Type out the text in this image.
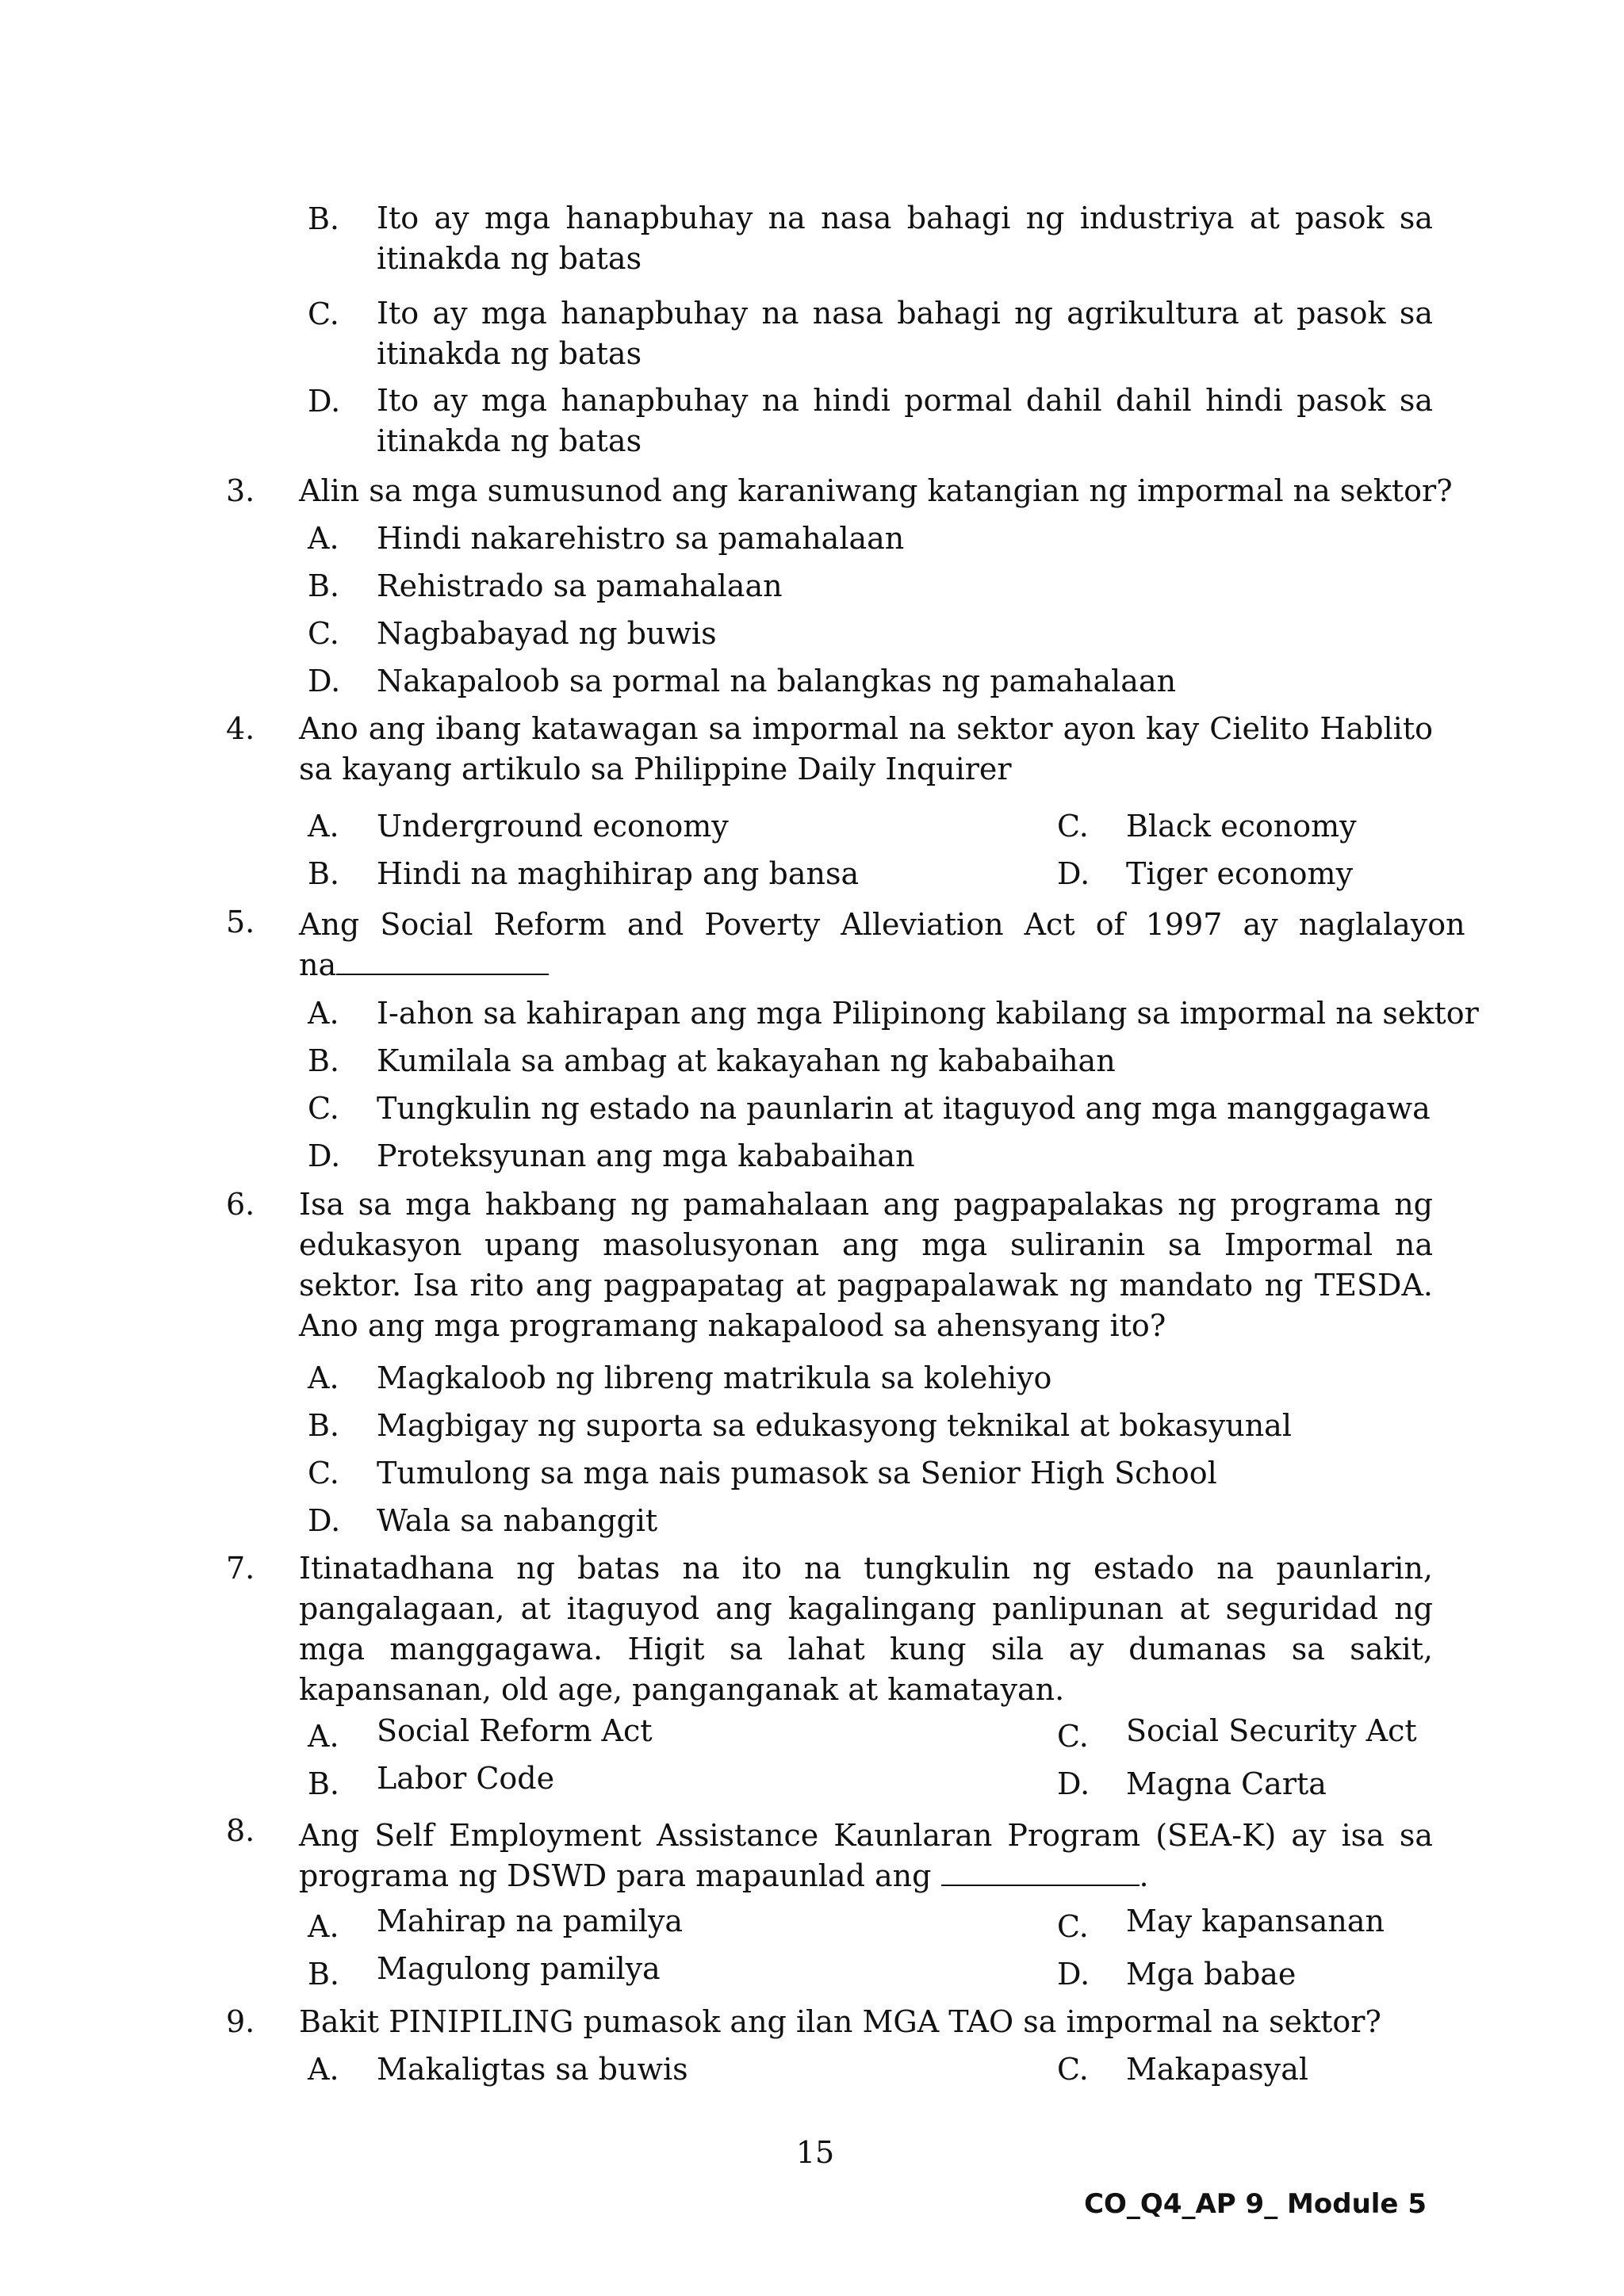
B. Ito ay mga hanapbuhay na nasa bahagi ng industriya at pasok sa itinakda ng batas
C. Ito ay mga hanapbuhay na nasa bahagi ng agrikultura at pasok sa itinakda ng batas
D. Ito ay mga hanapbuhay na hindi pormal dahil dahil hindi pasok sa itinakda ng batas
3. Alin sa mga sumusunod ang karaniwang katangian ng impormal na sektor?
A. Hindi nakarehistro sa pamahalaan
B. Rehistrado sa pamahalaan
C. Nagbabayad ng buwis
D. Nakapaloob sa pormal na balangkas ng pamahalaan
4. Ano ang ibang katawagan sa impormal na sektor ayon kay Cielito Hablito sa kayang artikulo sa Philippine Daily Inquirer
A. Underground economy	C. Black economy
B. Hindi na maghihirap ang bansa	D. Tiger economy
5. Ang Social Reform and Poverty Alleviation Act of 1997 ay naglalayon
na
A. I-ahon sa kahirapan ang mga Pilipinong kabilang sa impormal na sektor
B. Kumilala sa ambag at kakayahan ng kababaihan
C. Tungkulin ng estado na paunlarin at itaguyod ang mga manggagawa
D. Proteksyunan ang mga kababaihan
6. Isa sa mga hakbang ng pamahalaan ang pagpapalakas ng programa ng edukasyon upang masolusyonan ang mga suliranin sa Impormal na sektor. Isa rito ang pagpapatag at pagpapalawak ng mandato ng TESDA. Ano ang mga programang nakapalood sa ahensyang ito?
A. Magkaloob ng libreng matrikula sa kolehiyo
B. Magbigay ng suporta sa edukasyong teknikal at bokasyunal
C. Tumulong sa mga nais pumasok sa Senior High School
D. Wala sa nabanggit
7. Itinatadhana ng batas na ito na tungkulin ng estado na paunlarin, pangalagaan, at itaguyod ang kagalingang panlipunan at seguridad ng mga manggagawa. Higit sa lahat kung sila ay dumanas sa sakit, kapansanan, old age, panganganak at kamatayan.
A. Social Reform Act	C. Social Security Act
B. Labor Code	D. Magna Carta
8. Ang Self Employment Assistance Kaunlaran Program (SEA-K) ay isa sa
programa ng DSWD para mapaunlad ang	.
A. Mahirap na pamilya	C. May kapansanan
B. Magulong pamilya	D. Mga babae
9. Bakit PINIPILING pumasok ang ilan MGA TAO sa impormal na sektor?
A. Makaligtas sa buwis	C. Makapasyal
15
CO_Q4_AP 9_ Module 5
